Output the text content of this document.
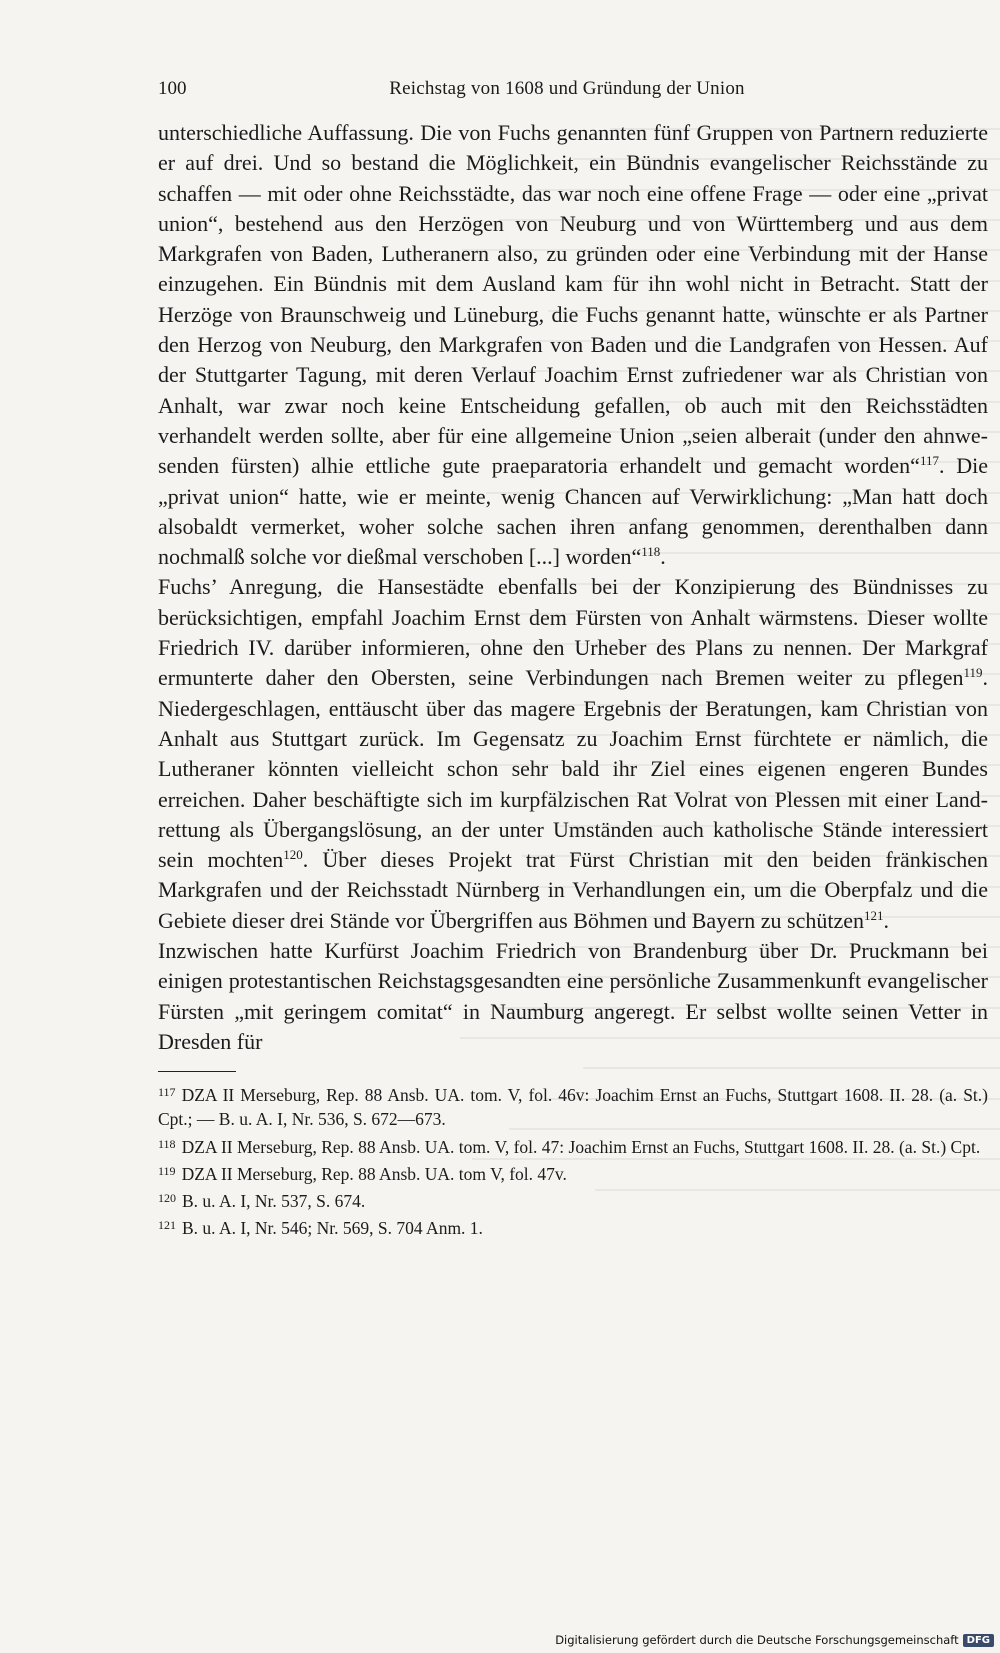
100	Reichstag von 1608 und Gründung der Union

unterschiedliche Auffassung. Die von Fuchs genannten fünf Gruppen von Partnern reduzierte er auf drei. Und so bestand die Möglichkeit, ein Bündnis evangelischer Reichsstände zu schaffen — mit oder ohne Reichsstädte, das war noch eine offene Frage — oder eine „privat union“, bestehend aus den Herzögen von Neuburg und von Württemberg und aus dem Markgrafen von Baden, Lutheranern also, zu gründen oder eine Verbindung mit der Hanse einzugehen. Ein Bündnis mit dem Ausland kam für ihn wohl nicht in Betracht. Statt der Herzöge von Braunschweig und Lüneburg, die Fuchs genannt hatte, wünschte er als Partner den Herzog von Neuburg, den Markgrafen von Baden und die Landgrafen von Hessen. Auf der Stuttgarter Tagung, mit deren Verlauf Joachim Ernst zufriedener war als Christian von Anhalt, war zwar noch keine Entscheidung gefallen, ob auch mit den Reichsstädten verhandelt werden sollte, aber für eine allgemeine Union „seien alberait (under den ahnwesenden fürsten) alhie ettliche gute praeparatoria erhandelt und gemacht worden“$^{117}$. Die „privat union“ hatte, wie er meinte, wenig Chancen auf Verwirklichung: „Man hatt doch alsobaldt vermerket, woher solche sachen ihren anfang genommen, derenthalben dann nochmalß solche vor dießmal verschoben [...] worden“$^{118}$.

Fuchs’ Anregung, die Hansestädte ebenfalls bei der Konzipierung des Bündnisses zu berücksichtigen, empfahl Joachim Ernst dem Fürsten von Anhalt wärmstens. Dieser wollte Friedrich IV. darüber informieren, ohne den Urheber des Plans zu nennen. Der Markgraf ermunterte daher den Obersten, seine Verbindungen nach Bremen weiter zu pflegen$^{119}$. Niedergeschlagen, enttäuscht über das magere Ergebnis der Beratungen, kam Christian von Anhalt aus Stuttgart zurück. Im Gegensatz zu Joachim Ernst fürchtete er nämlich, die Lutheraner könnten vielleicht schon sehr bald ihr Ziel eines eigenen engeren Bundes erreichen. Daher beschäftigte sich im kurpfälzischen Rat Volrat von Plessen mit einer Landrettung als Übergangslösung, an der unter Umständen auch katholische Stände interessiert sein mochten$^{120}$. Über dieses Projekt trat Fürst Christian mit den beiden fränkischen Markgrafen und der Reichsstadt Nürnberg in Verhandlungen ein, um die Oberpfalz und die Gebiete dieser drei Stände vor Übergriffen aus Böhmen und Bayern zu schützen$^{121}$.

Inzwischen hatte Kurfürst Joachim Friedrich von Brandenburg über Dr. Pruckmann bei einigen protestantischen Reichstagsgesandten eine persönliche Zusammenkunft evangelischer Fürsten „mit geringem comitat“ in Naumburg angeregt. Er selbst wollte seinen Vetter in Dresden für

$^{117}$ DZA II Merseburg, Rep. 88 Ansb. UA. tom. V, fol. 46v: Joachim Ernst an Fuchs, Stuttgart 1608. II. 28. (a. St.) Cpt.; — B. u. A. I, Nr. 536, S. 672—673.

$^{118}$ DZA II Merseburg, Rep. 88 Ansb. UA. tom. V, fol. 47: Joachim Ernst an Fuchs, Stuttgart 1608. II. 28. (a. St.) Cpt.

$^{119}$ DZA II Merseburg, Rep. 88 Ansb. UA. tom V, fol. 47v.

$^{120}$ B. u. A. I, Nr. 537, S. 674.

$^{121}$ B. u. A. I, Nr. 546; Nr. 569, S. 704 Anm. 1.

Digitalisierung gefördert durch die Deutsche Forschungsgemeinschaft DFG
